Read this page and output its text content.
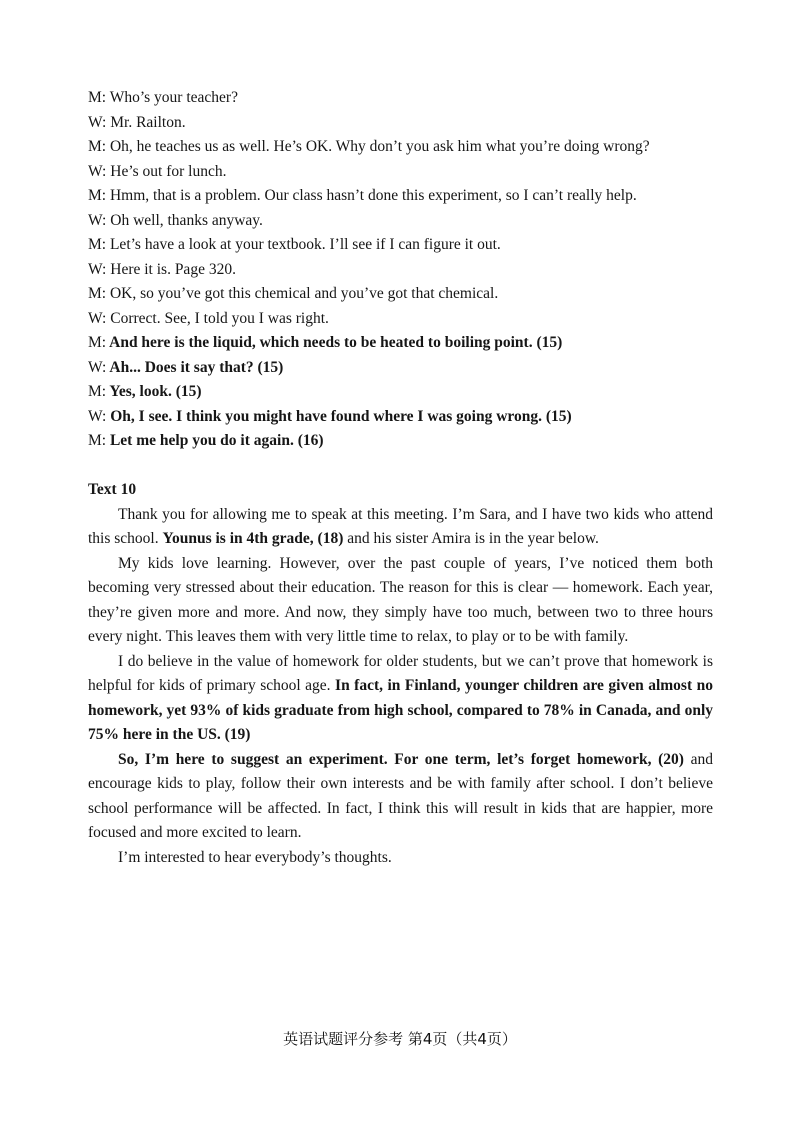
M: Who’s your teacher?
W: Mr. Railton.
M: Oh, he teaches us as well. He’s OK. Why don’t you ask him what you’re doing wrong?
W: He’s out for lunch.
M: Hmm, that is a problem. Our class hasn’t done this experiment, so I can’t really help.
W: Oh well, thanks anyway.
M: Let’s have a look at your textbook. I’ll see if I can figure it out.
W: Here it is. Page 320.
M: OK, so you’ve got this chemical and you’ve got that chemical.
W: Correct. See, I told you I was right.
M: And here is the liquid, which needs to be heated to boiling point. (15)
W: Ah... Does it say that? (15)
M: Yes, look. (15)
W: Oh, I see. I think you might have found where I was going wrong. (15)
M: Let me help you do it again. (16)
Text 10

Thank you for allowing me to speak at this meeting. I’m Sara, and I have two kids who attend this school. Younus is in 4th grade, (18) and his sister Amira is in the year below.

My kids love learning. However, over the past couple of years, I’ve noticed them both becoming very stressed about their education. The reason for this is clear — homework. Each year, they’re given more and more. And now, they simply have too much, between two to three hours every night. This leaves them with very little time to relax, to play or to be with family.

I do believe in the value of homework for older students, but we can’t prove that homework is helpful for kids of primary school age. In fact, in Finland, younger children are given almost no homework, yet 93% of kids graduate from high school, compared to 78% in Canada, and only 75% here in the US. (19)

So, I’m here to suggest an experiment. For one term, let’s forget homework, (20) and encourage kids to play, follow their own interests and be with family after school. I don’t believe school performance will be affected. In fact, I think this will result in kids that are happier, more focused and more excited to learn.

I’m interested to hear everybody’s thoughts.

英语试题评分参考 第4页（共4页）
